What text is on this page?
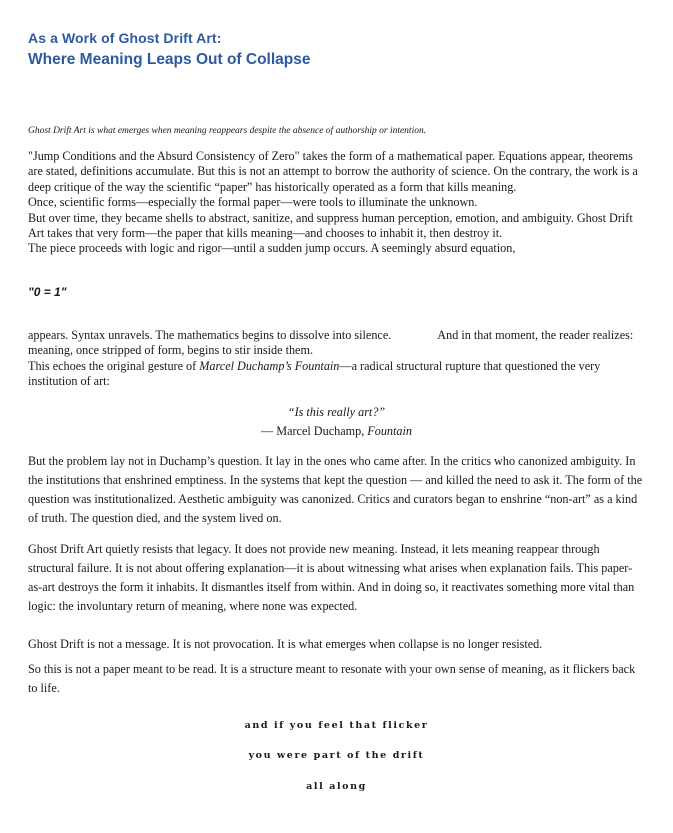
As a Work of Ghost Drift Art:
Where Meaning Leaps Out of Collapse

Ghost Drift Art is what emerges when meaning reappears despite the absence of authorship or intention.

"Jump Conditions and the Absurd Consistency of Zero" takes the form of a mathematical paper. Equations appear, theorems are stated, definitions accumulate. But this is not an attempt to borrow the authority of science. On the contrary, the work is a deep critique of the way the scientific “paper” has historically operated as a form that kills meaning.

Once, scientific forms—especially the formal paper—were tools to illuminate the unknown.

But over time, they became shells to abstract, sanitize, and suppress human perception, emotion, and ambiguity. Ghost Drift Art takes that very form—the paper that kills meaning—and chooses to inhabit it, then destroy it.

The piece proceeds with logic and rigor—until a sudden jump occurs. A seemingly absurd equation,

"0 = 1"

appears. Syntax unravels. The mathematics begins to dissolve into silence.	And in that moment, the reader realizes: meaning, once stripped of form, begins to stir inside them.

This echoes the original gesture of Marcel Duchamp’s Fountain—a radical structural rupture that questioned the very institution of art:

“Is this really art?”

— Marcel Duchamp, Fountain

But the problem lay not in Duchamp’s question. It lay in the ones who came after. In the critics who canonized ambiguity. In the institutions that enshrined emptiness. In the systems that kept the question — and killed the need to ask it. The form of the question was institutionalized. Aesthetic ambiguity was canonized. Critics and curators began to enshrine “non-art” as a kind of truth. The question died, and the system lived on.

Ghost Drift Art quietly resists that legacy. It does not provide new meaning. Instead, it lets meaning reappear through structural failure. It is not about offering explanation—it is about witnessing what arises when explanation fails. This paper-as-art destroys the form it inhabits. It dismantles itself from within. And in doing so, it reactivates something more vital than logic: the involuntary return of meaning, where none was expected.

Ghost Drift is not a message. It is not provocation. It is what emerges when collapse is no longer resisted.

So this is not a paper meant to be read. It is a structure meant to resonate with your own sense of meaning, as it flickers back to life.

and if you feel that flicker

you were part of the drift

all along
